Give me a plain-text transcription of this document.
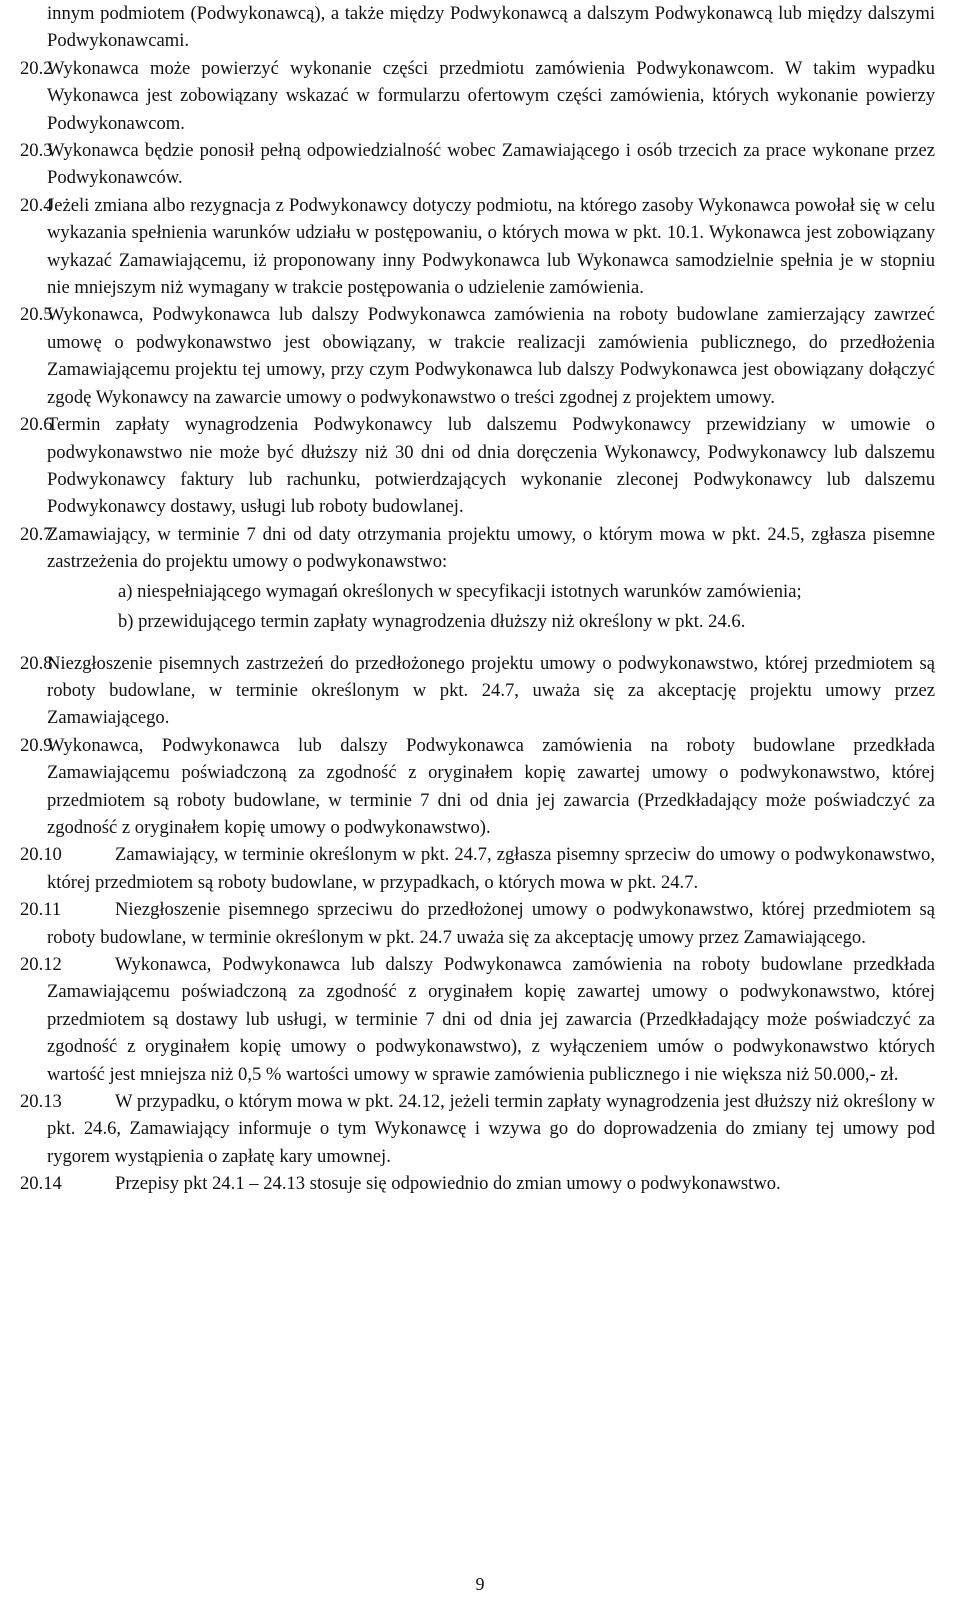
innym podmiotem (Podwykonawcą), a także między Podwykonawcą a dalszym Podwykonawcą lub między dalszymi Podwykonawcami.

20.2
Wykonawca może powierzyć wykonanie części przedmiotu zamówienia Podwykonawcom. W takim wypadku Wykonawca jest zobowiązany wskazać w formularzu ofertowym części zamówienia, których wykonanie powierzy Podwykonawcom.

20.3
Wykonawca będzie ponosił pełną odpowiedzialność wobec Zamawiającego i osób trzecich za prace wykonane przez Podwykonawców.

20.4
Jeżeli zmiana albo rezygnacja z Podwykonawcy dotyczy podmiotu, na którego zasoby Wykonawca powołał się w celu wykazania spełnienia warunków udziału w postępowaniu, o których mowa w pkt. 10.1. Wykonawca jest zobowiązany wykazać Zamawiającemu, iż proponowany inny Podwykonawca lub Wykonawca samodzielnie spełnia je w stopniu nie mniejszym niż wymagany w trakcie postępowania o udzielenie zamówienia.

20.5
Wykonawca, Podwykonawca lub dalszy Podwykonawca zamówienia na roboty budowlane zamierzający zawrzeć umowę o podwykonawstwo jest obowiązany, w trakcie realizacji zamówienia publicznego, do przedłożenia Zamawiającemu projektu tej umowy, przy czym Podwykonawca lub dalszy Podwykonawca jest obowiązany dołączyć zgodę Wykonawcy na zawarcie umowy o podwykonawstwo o treści zgodnej z projektem umowy.

20.6
Termin zapłaty wynagrodzenia Podwykonawcy lub dalszemu Podwykonawcy przewidziany w umowie o podwykonawstwo nie może być dłuższy niż 30 dni od dnia doręczenia Wykonawcy, Podwykonawcy lub dalszemu Podwykonawcy faktury lub rachunku, potwierdzających wykonanie zleconej Podwykonawcy lub dalszemu Podwykonawcy dostawy, usługi lub roboty budowlanej.

20.7
Zamawiający, w terminie 7 dni od daty otrzymania projektu umowy, o którym mowa w pkt. 24.5, zgłasza pisemne zastrzeżenia do projektu umowy o podwykonawstwo:

a) niespełniającego wymagań określonych w specyfikacji istotnych warunków zamówienia;

b) przewidującego termin zapłaty wynagrodzenia dłuższy niż określony w pkt. 24.6.

20.8
Niezgłoszenie pisemnych zastrzeżeń do przedłożonego projektu umowy o podwykonawstwo, której przedmiotem są roboty budowlane, w terminie określonym w pkt. 24.7, uważa się za akceptację projektu umowy przez Zamawiającego.

20.9
Wykonawca, Podwykonawca lub dalszy Podwykonawca zamówienia na roboty budowlane przedkłada Zamawiającemu poświadczoną za zgodność z oryginałem kopię zawartej umowy o podwykonawstwo, której przedmiotem są roboty budowlane, w terminie 7 dni od dnia jej zawarcia (Przedkładający może poświadczyć za zgodność z oryginałem kopię umowy o podwykonawstwo).

20.10	Zamawiający, w terminie określonym w pkt. 24.7, zgłasza pisemny sprzeciw do umowy o podwykonawstwo, której przedmiotem są roboty budowlane, w przypadkach, o których mowa w pkt. 24.7.

20.11	Niezgłoszenie pisemnego sprzeciwu do przedłożonej umowy o podwykonawstwo, której przedmiotem są roboty budowlane, w terminie określonym w pkt. 24.7 uważa się za akceptację umowy przez Zamawiającego.

20.12	Wykonawca, Podwykonawca lub dalszy Podwykonawca zamówienia na roboty budowlane przedkłada Zamawiającemu poświadczoną za zgodność z oryginałem kopię zawartej umowy o podwykonawstwo, której przedmiotem są dostawy lub usługi, w terminie 7 dni od dnia jej zawarcia (Przedkładający może poświadczyć za zgodność z oryginałem kopię umowy o podwykonawstwo), z wyłączeniem umów o podwykonawstwo których wartość jest mniejsza niż 0,5 % wartości umowy w sprawie zamówienia publicznego i nie większa niż 50.000,- zł.

20.13	W przypadku, o którym mowa w pkt. 24.12, jeżeli termin zapłaty wynagrodzenia jest dłuższy niż określony w pkt. 24.6, Zamawiający informuje o tym Wykonawcę i wzywa go do doprowadzenia do zmiany tej umowy pod rygorem wystąpienia o zapłatę kary umownej.

20.14	Przepisy pkt 24.1 – 24.13 stosuje się odpowiednio do zmian umowy o podwykonawstwo.

9
